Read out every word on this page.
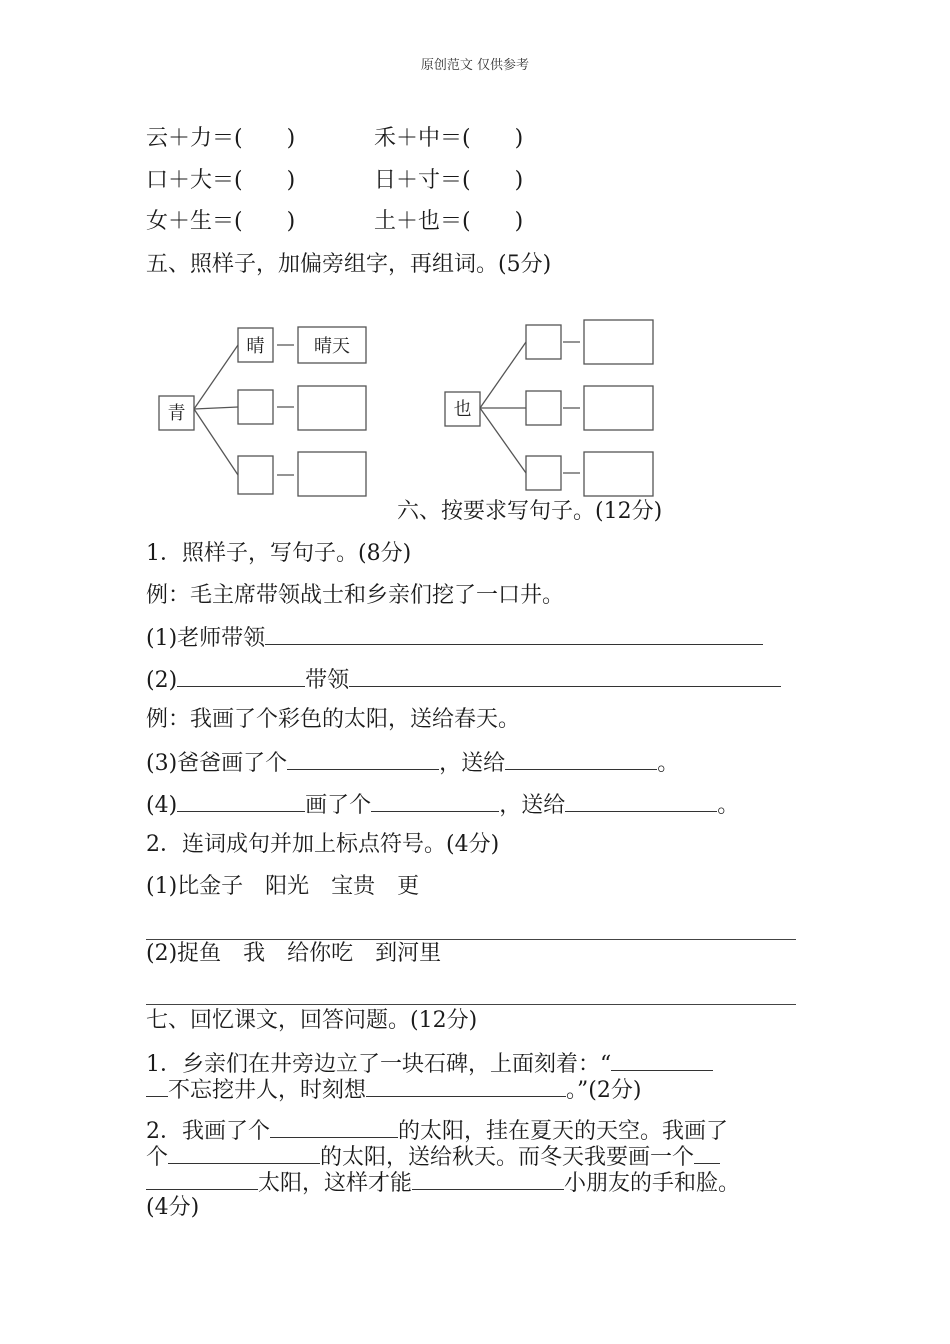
原创范文 仅供参考
云＋力＝(　　)	禾＋中＝(　　)
口＋大＝(　　)	日＋寸＝(　　)
女＋生＝(　　)	土＋也＝(　　)
五、照样子，加偏旁组字，再组词。(5分)
青
晴	晴天
也
六、按要求写句子。(12分)
1．照样子，写句子。(8分)
例：毛主席带领战士和乡亲们挖了一口井。
(1)老师带领
(2)	带领
例：我画了个彩色的太阳，送给春天。
(3)爸爸画了个	，送给	。
(4)	画了个	，送给	。
2．连词成句并加上标点符号。(4分)
(1)比金子　阳光　宝贵　更
(2)捉鱼　我　给你吃　到河里
七、回忆课文，回答问题。(12分)
1．乡亲们在井旁边立了一块石碑，上面刻着：“
不忘挖井人，时刻想	。”(2分)
2．我画了个	的太阳，挂在夏天的天空。我画了
个	的太阳，送给秋天。而冬天我要画一个
太阳，这样才能	小朋友的手和脸。
(4分)
